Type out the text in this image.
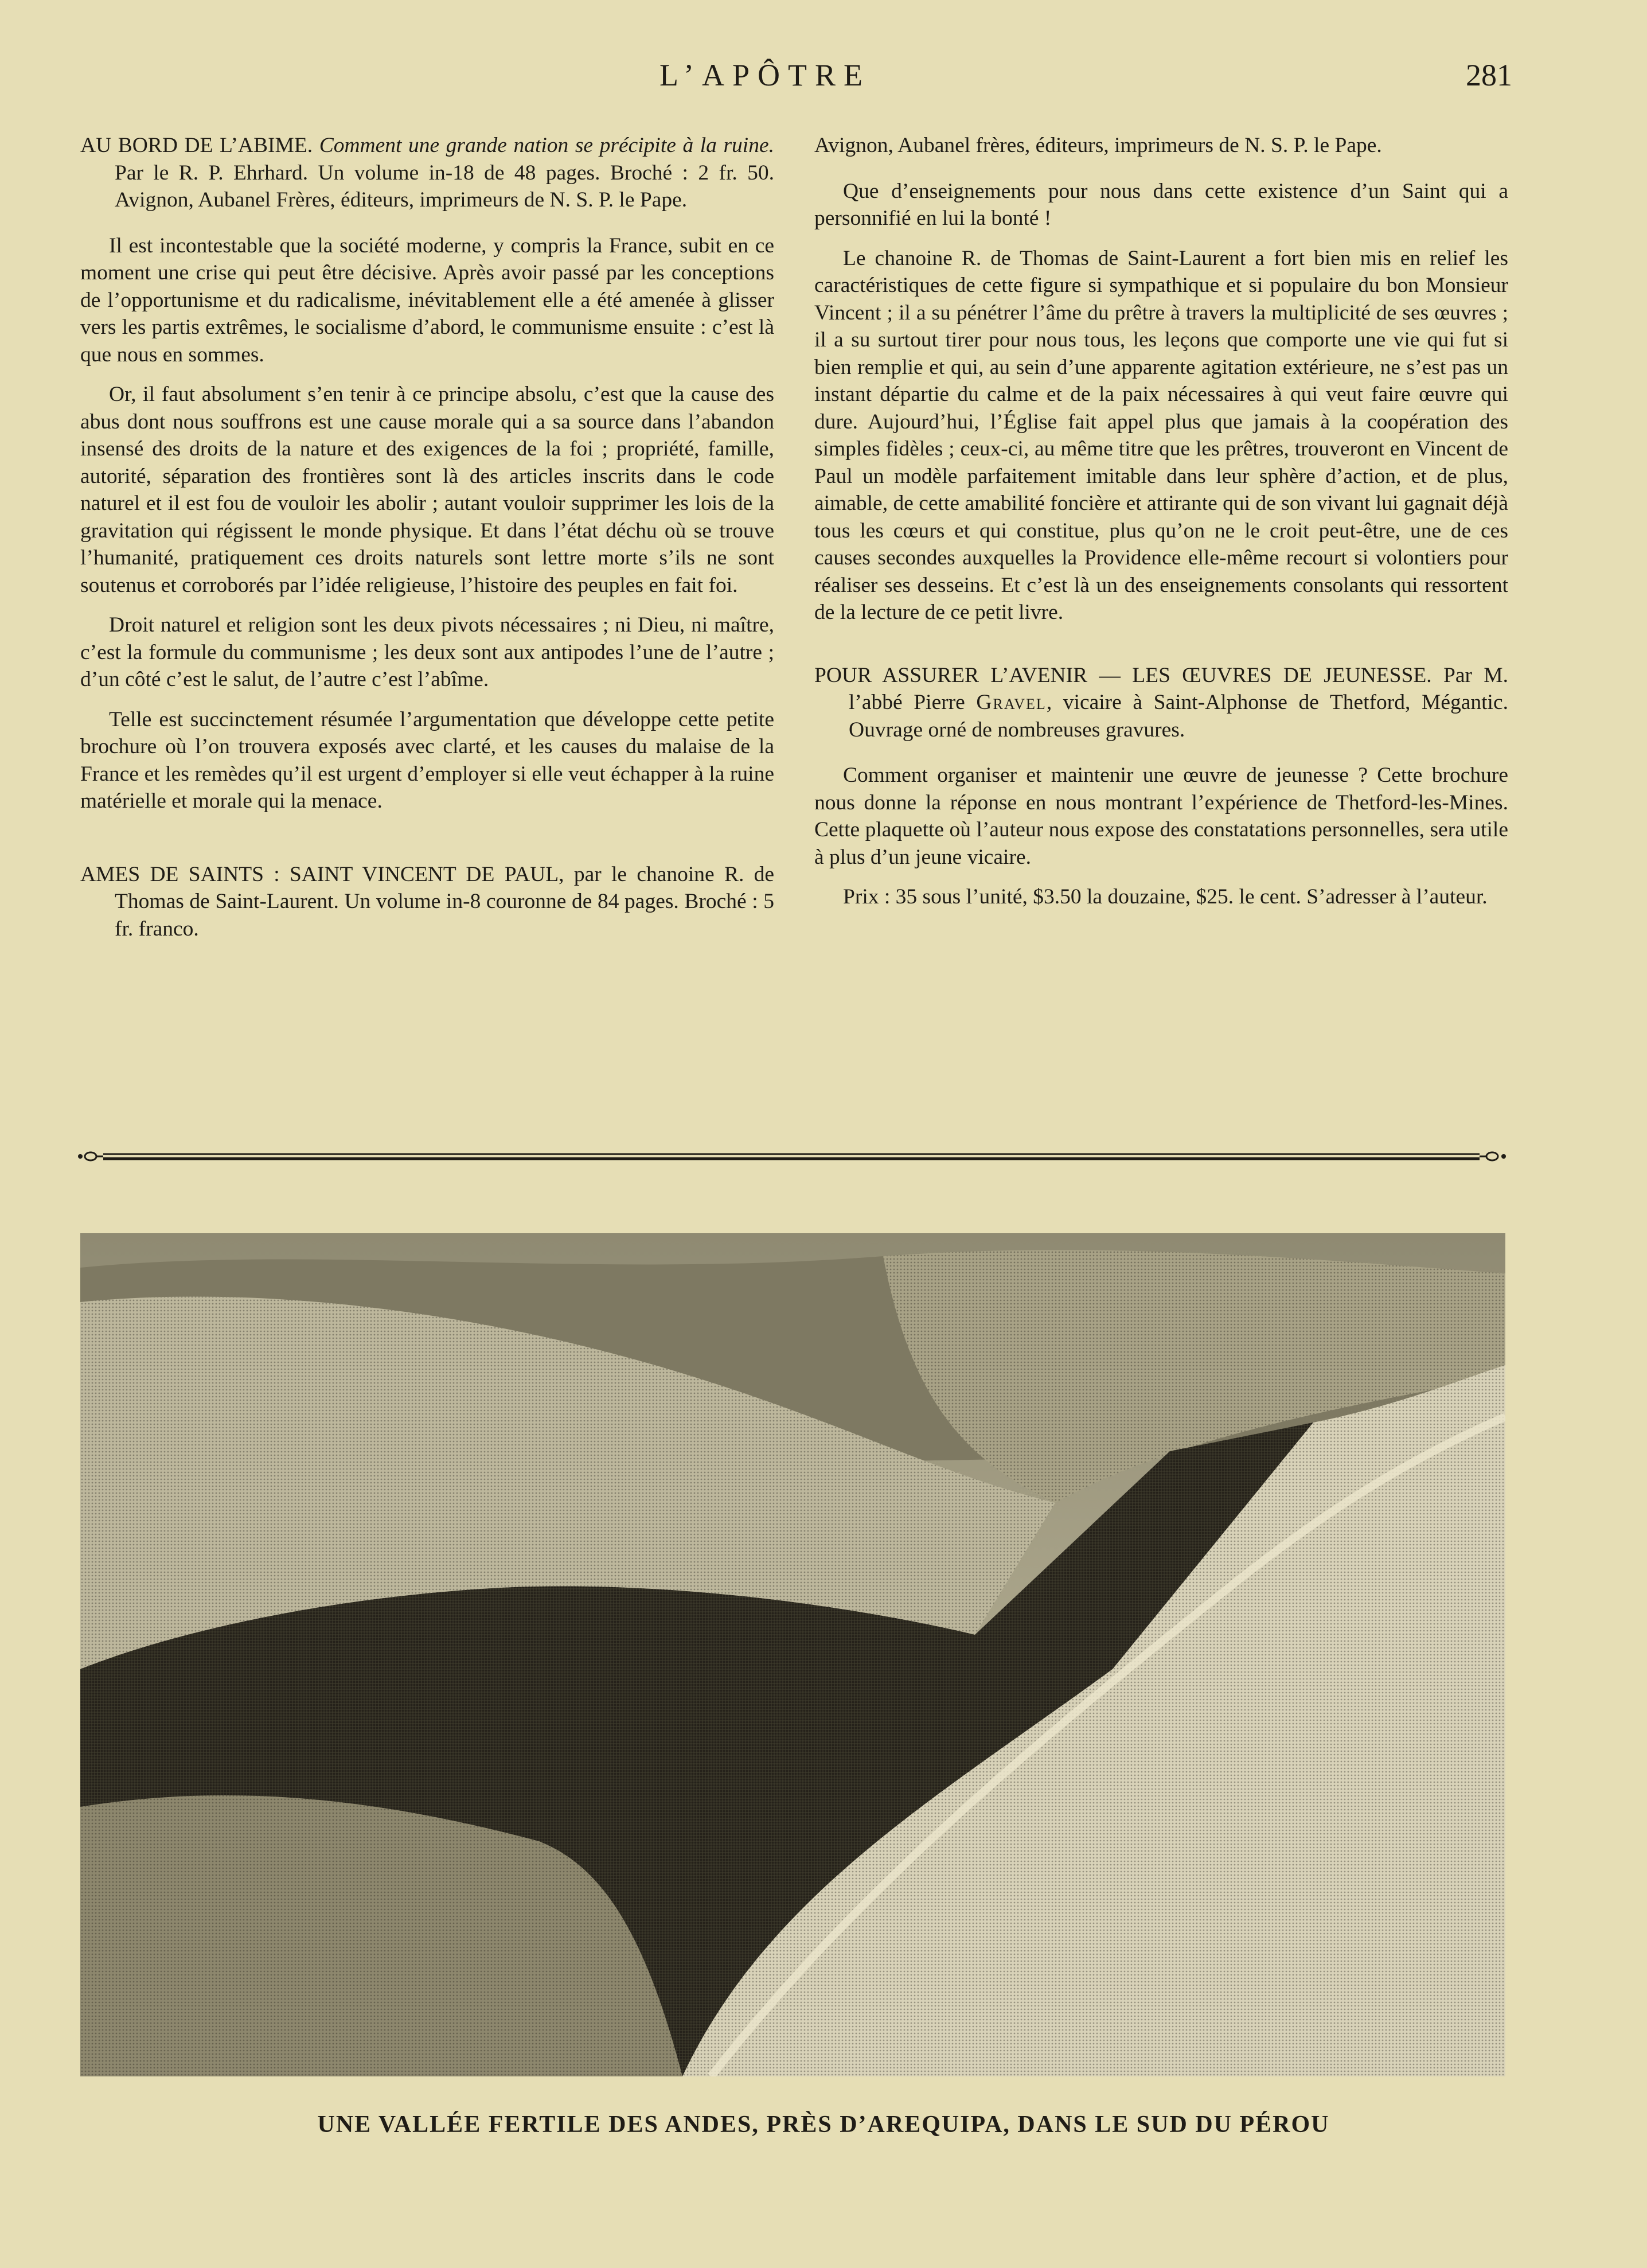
L’APÔTRE	281
AU BORD DE L’ABIME. Comment une grande nation se précipite à la ruine. Par le R. P. Ehrhard. Un volume in-18 de 48 pages. Broché : 2 fr. 50. Avignon, Aubanel Frères, éditeurs, imprimeurs de N. S. P. le Pape.

Il est incontestable que la société moderne, y compris la France, subit en ce moment une crise qui peut être décisive. Après avoir passé par les conceptions de l’opportunisme et du radicalisme, inévitablement elle a été amenée à glisser vers les partis extrêmes, le socialisme d’abord, le communisme ensuite : c’est là que nous en sommes.

Or, il faut absolument s’en tenir à ce principe absolu, c’est que la cause des abus dont nous souffrons est une cause morale qui a sa source dans l’abandon insensé des droits de la nature et des exigences de la foi ; propriété, famille, autorité, séparation des frontières sont là des articles inscrits dans le code naturel et il est fou de vouloir les abolir ; autant vouloir supprimer les lois de la gravitation qui régissent le monde physique. Et dans l’état déchu où se trouve l’humanité, pratiquement ces droits naturels sont lettre morte s’ils ne sont soutenus et corroborés par l’idée religieuse, l’histoire des peuples en fait foi.

Droit naturel et religion sont les deux pivots nécessaires ; ni Dieu, ni maître, c’est la formule du communisme ; les deux sont aux antipodes l’une de l’autre ; d’un côté c’est le salut, de l’autre c’est l’abîme.

Telle est succinctement résumée l’argumentation que développe cette petite brochure où l’on trouvera exposés avec clarté, et les causes du malaise de la France et les remèdes qu’il est urgent d’employer si elle veut échapper à la ruine matérielle et morale qui la menace.

AMES DE SAINTS : SAINT VINCENT DE PAUL, par le chanoine R. de Thomas de Saint-Laurent. Un volume in-8 couronne de 84 pages. Broché : 5 fr. franco.
Avignon, Aubanel frères, éditeurs, imprimeurs de N. S. P. le Pape.

Que d’enseignements pour nous dans cette existence d’un Saint qui a personnifié en lui la bonté !

Le chanoine R. de Thomas de Saint-Laurent a fort bien mis en relief les caractéristiques de cette figure si sympathique et si populaire du bon Monsieur Vincent ; il a su pénétrer l’âme du prêtre à travers la multiplicité de ses œuvres ; il a su surtout tirer pour nous tous, les leçons que comporte une vie qui fut si bien remplie et qui, au sein d’une apparente agitation extérieure, ne s’est pas un instant départie du calme et de la paix nécessaires à qui veut faire œuvre qui dure. Aujourd’hui, l’Église fait appel plus que jamais à la coopération des simples fidèles ; ceux-ci, au même titre que les prêtres, trouveront en Vincent de Paul un modèle parfaitement imitable dans leur sphère d’action, et de plus, aimable, de cette amabilité foncière et attirante qui de son vivant lui gagnait déjà tous les cœurs et qui constitue, plus qu’on ne le croit peut-être, une de ces causes secondes auxquelles la Providence elle-même recourt si volontiers pour réaliser ses desseins. Et c’est là un des enseignements consolants qui ressortent de la lecture de ce petit livre.

POUR ASSURER L’AVENIR — LES ŒUVRES DE JEUNESSE. Par M. l’abbé Pierre Gravel, vicaire à Saint-Alphonse de Thetford, Mégantic. Ouvrage orné de nombreuses gravures.

Comment organiser et maintenir une œuvre de jeunesse ? Cette brochure nous donne la réponse en nous montrant l’expérience de Thetford-les-Mines. Cette plaquette où l’auteur nous expose des constatations personnelles, sera utile à plus d’un jeune vicaire.

Prix : 35 sous l’unité, $3.50 la douzaine, $25. le cent. S’adresser à l’auteur.

UNE VALLÉE FERTILE DES ANDES, PRÈS D’AREQUIPA, DANS LE SUD DU PÉROU
